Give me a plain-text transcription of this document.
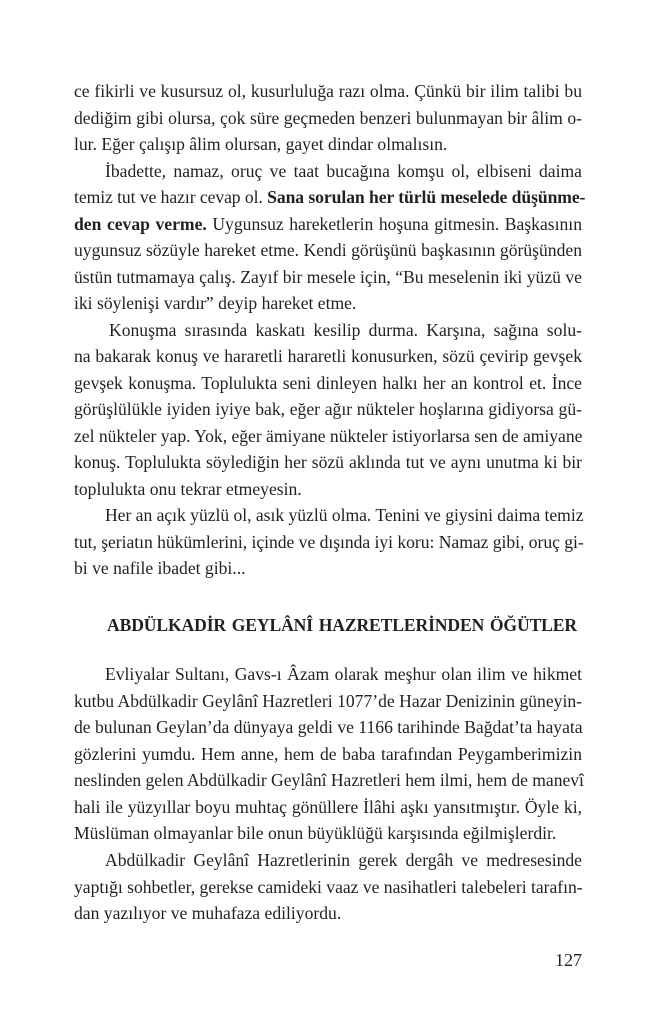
ce fikirli ve kusursuz ol, kusurluluğa razı olma. Çünkü bir ilim talibi bu
dediğim gibi olursa, çok süre geçmeden benzeri bulunmayan bir âlim o-
lur. Eğer çalışıp âlim olursan, gayet dindar olmalısın.
İbadette, namaz, oruç ve taat bucağına komşu ol, elbiseni daima
temiz tut ve hazır cevap ol. Sana sorulan her türlü meselede düşünme-
den cevap verme. Uygunsuz hareketlerin hoşuna gitmesin. Başkasının
uygunsuz sözüyle hareket etme. Kendi görüşünü başkasının görüşünden
üstün tutmamaya çalış. Zayıf bir mesele için, “Bu meselenin iki yüzü ve
iki söylenişi vardır” deyip hareket etme.
Konuşma sırasında kaskatı kesilip durma. Karşına, sağına solu-
na bakarak konuş ve hararetli hararetli konusurken, sözü çevirip gevşek
gevşek konuşma. Toplulukta seni dinleyen halkı her an kontrol et. İnce
görüşlülükle iyiden iyiye bak, eğer ağır nükteler hoşlarına gidiyorsa gü-
zel nükteler yap. Yok, eğer ämiyane nükteler istiyorlarsa sen de amiyane
konuş. Toplulukta söylediğin her sözü aklında tut ve aynı unutma ki bir
toplulukta onu tekrar etmeyesin.
Her an açık yüzlü ol, asık yüzlü olma. Tenini ve giysini daima temiz
tut, şeriatın hükümlerini, içinde ve dışında iyi koru: Namaz gibi, oruç gi-
bi ve nafile ibadet gibi...
ABDÜLKADİR GEYLÂNÎ HAZRETLERİNDEN ÖĞÜTLER
Evliyalar Sultanı, Gavs-ı Âzam olarak meşhur olan ilim ve hikmet
kutbu Abdülkadir Geylânî Hazretleri 1077’de Hazar Denizinin güneyin-
de bulunan Geylan’da dünyaya geldi ve 1166 tarihinde Bağdat’ta hayata
gözlerini yumdu. Hem anne, hem de baba tarafından Peygamberimizin
neslinden gelen Abdülkadir Geylânî Hazretleri hem ilmi, hem de manevî
hali ile yüzyıllar boyu muhtaç gönüllere İlâhi aşkı yansıtmıştır. Öyle ki,
Müslüman olmayanlar bile onun büyüklüğü karşısında eğilmişlerdir.
Abdülkadir Geylânî Hazretlerinin gerek dergâh ve medresesinde
yaptığı sohbetler, gerekse camideki vaaz ve nasihatleri talebeleri tarafın-
dan yazılıyor ve muhafaza ediliyordu.
127
